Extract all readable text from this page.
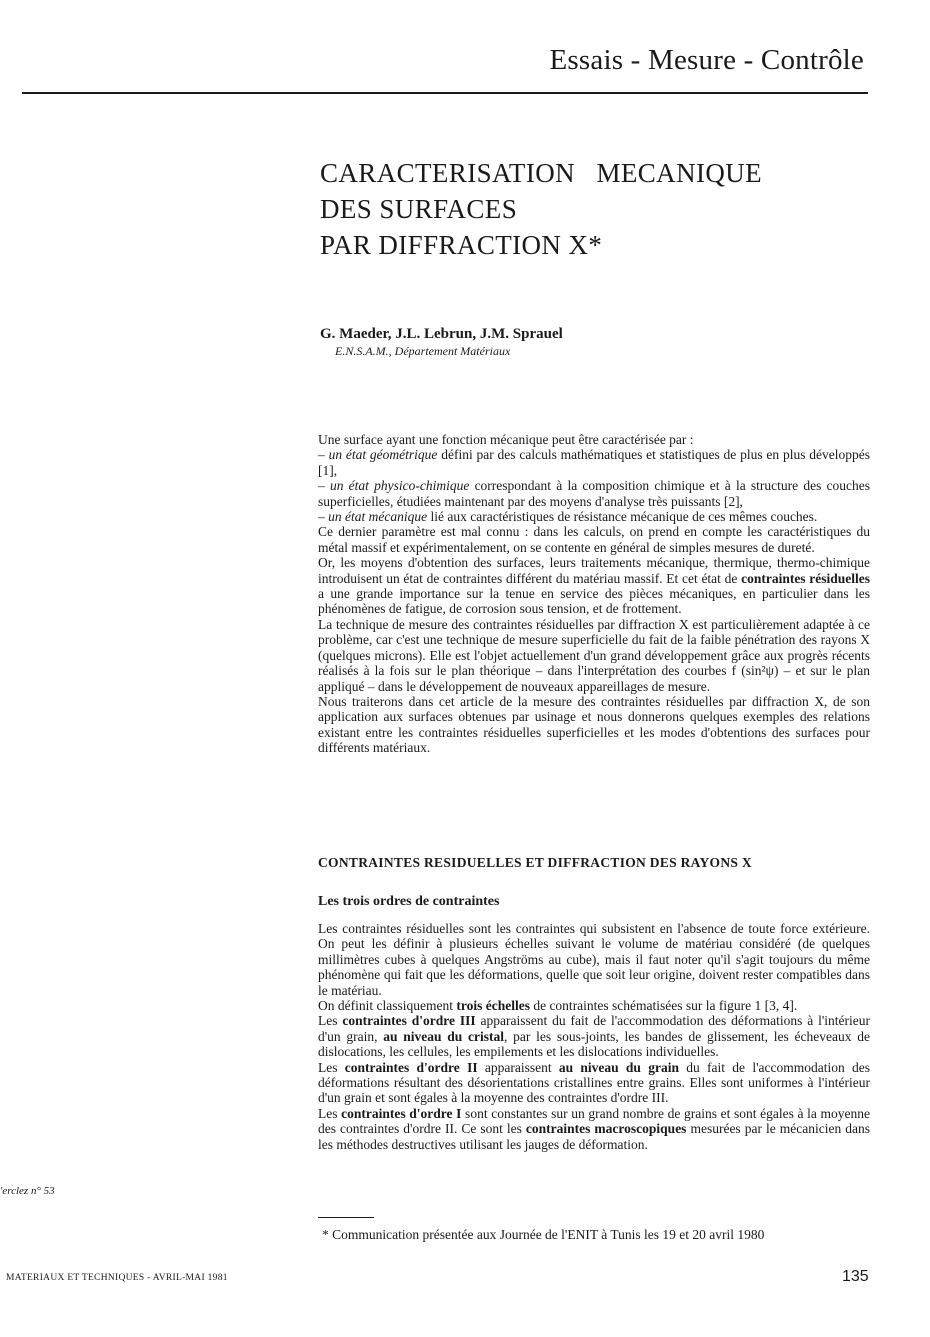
Essais - Mesure - Contrôle
CARACTERISATION   MECANIQUE
DES SURFACES
PAR DIFFRACTION X*
G. Maeder, J.L. Lebrun, J.M. Sprauel
E.N.S.A.M., Département Matériaux

Une surface ayant une fonction mécanique peut être caractérisée par :

– un état géométrique défini par des calculs mathématiques et statistiques de plus en plus développés [1],

– un état physico-chimique correspondant à la composition chimique et à la structure des couches superficielles, étudiées maintenant par des moyens d'analyse très puissants [2],

– un état mécanique lié aux caractéristiques de résistance mécanique de ces mêmes couches.

Ce dernier paramètre est mal connu : dans les calculs, on prend en compte les caractéristiques du métal massif et expérimentalement, on se contente en général de simples mesures de dureté.

Or, les moyens d'obtention des surfaces, leurs traitements mécanique, thermique, thermo-chimique introduisent un état de contraintes différent du matériau massif. Et cet état de contraintes résiduelles a une grande importance sur la tenue en service des pièces mécaniques, en particulier dans les phénomènes de fatigue, de corrosion sous tension, et de frottement.

La technique de mesure des contraintes résiduelles par diffraction X est particulièrement adaptée à ce problème, car c'est une technique de mesure superficielle du fait de la faible pénétration des rayons X (quelques microns). Elle est l'objet actuellement d'un grand développement grâce aux progrès récents réalisés à la fois sur le plan théorique – dans l'interprétation des courbes f (sin²ψ) – et sur le plan appliqué – dans le développement de nouveaux appareillages de mesure.

Nous traiterons dans cet article de la mesure des contraintes résiduelles par diffraction X, de son application aux surfaces obtenues par usinage et nous donnerons quelques exemples des relations existant entre les contraintes résiduelles superficielles et les modes d'obtentions des surfaces pour différents matériaux.

CONTRAINTES RESIDUELLES ET DIFFRACTION DES RAYONS X
Les trois ordres de contraintes

Les contraintes résiduelles sont les contraintes qui subsistent en l'absence de toute force extérieure. On peut les définir à plusieurs échelles suivant le volume de matériau considéré (de quelques millimètres cubes à quelques Angströms au cube), mais il faut noter qu'il s'agit toujours du même phénomène qui fait que les déformations, quelle que soit leur origine, doivent rester compatibles dans le matériau.

On définit classiquement trois échelles de contraintes schématisées sur la figure 1 [3, 4].

Les contraintes d'ordre III apparaissent du fait de l'accommodation des déformations à l'intérieur d'un grain, au niveau du cristal, par les sous-joints, les bandes de glissement, les écheveaux de dislocations, les cellules, les empilements et les dislocations individuelles.

Les contraintes d'ordre II apparaissent au niveau du grain du fait de l'accommodation des déformations résultant des désorientations cristallines entre grains. Elles sont uniformes à l'intérieur d'un grain et sont égales à la moyenne des contraintes d'ordre III.

Les contraintes d'ordre I sont constantes sur un grand nombre de grains et sont égales à la moyenne des contraintes d'ordre II. Ce sont les contraintes macroscopiques mesurées par le mécanicien dans les méthodes destructives utilisant les jauges de déformation.

* Communication présentée aux Journée de l'ENIT à Tunis les 19 et 20 avril 1980
'erclez n° 53
MATERIAUX ET TECHNIQUES - AVRIL-MAI 1981	135
